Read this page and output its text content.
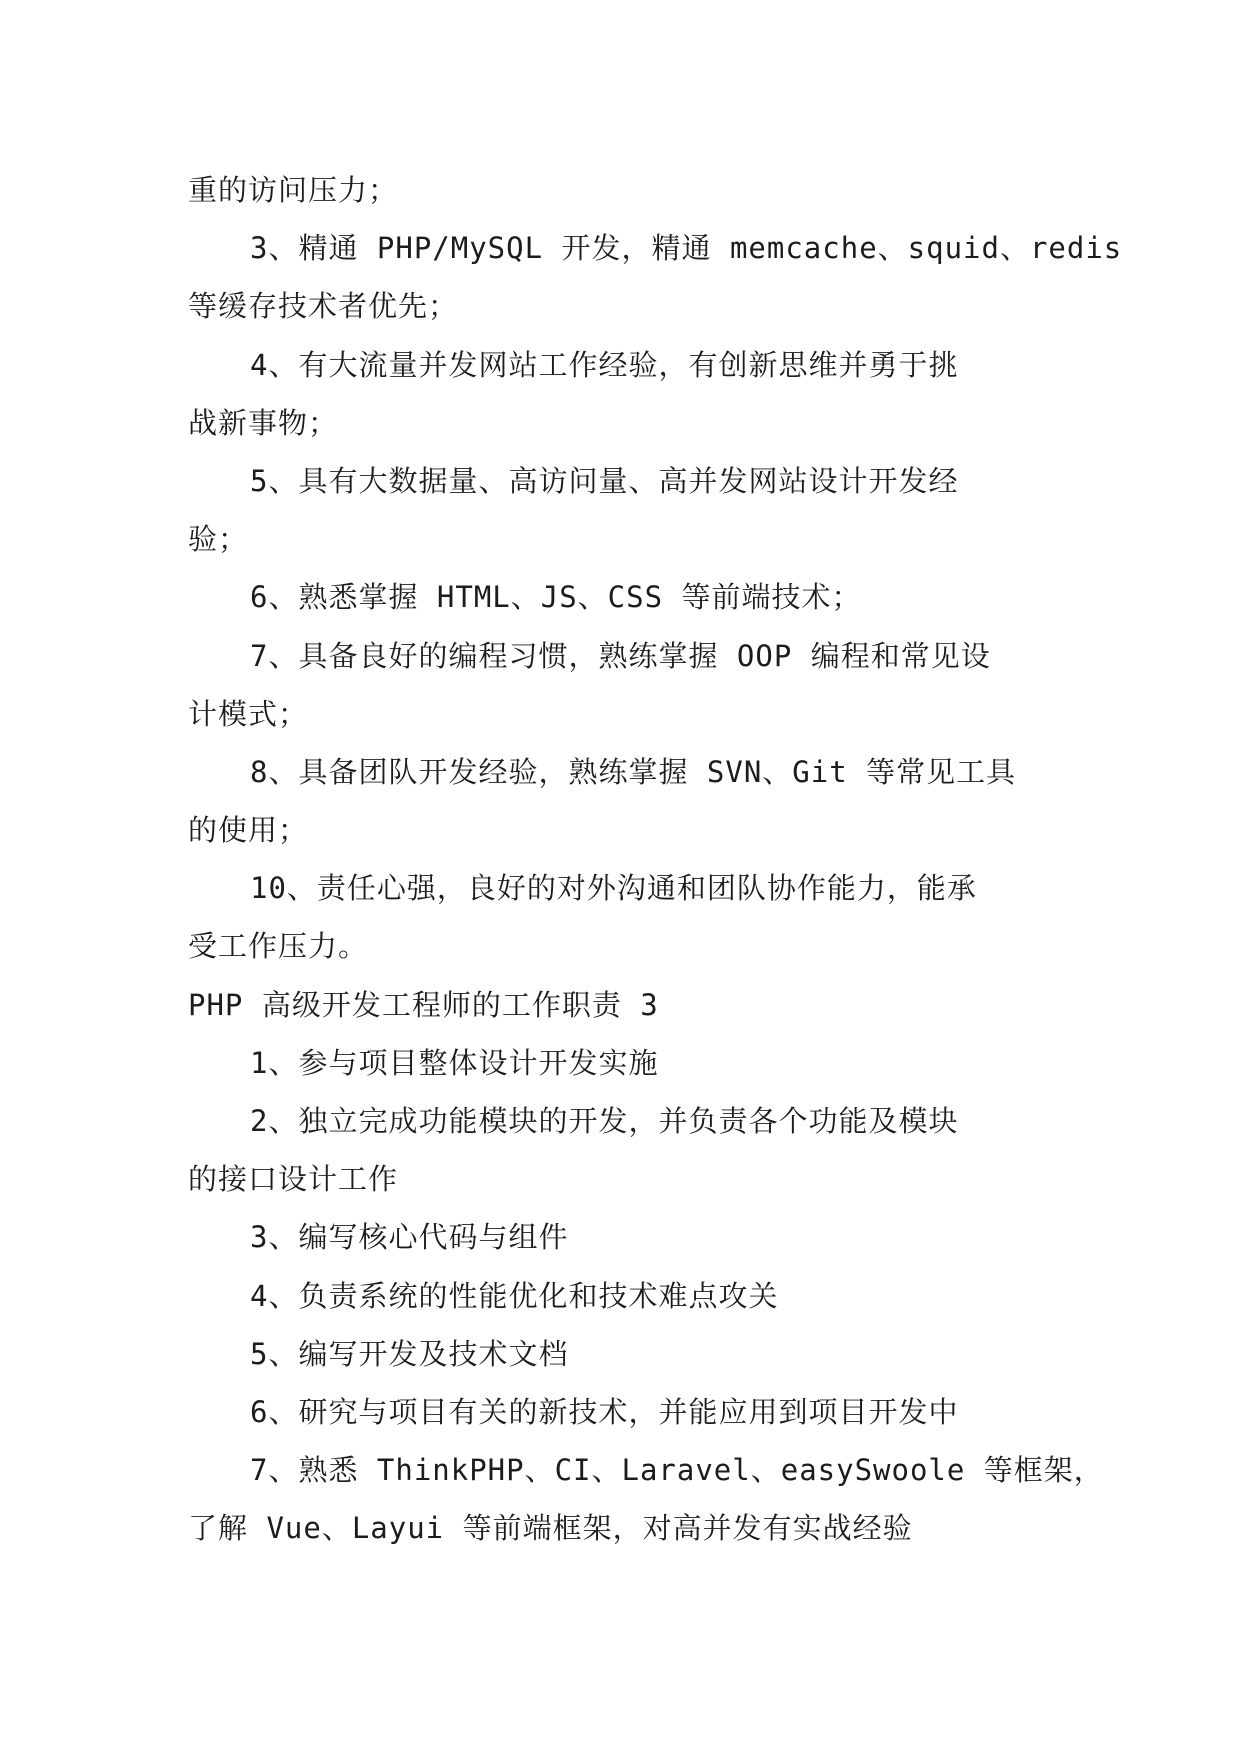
重的访问压力；
3、精通 PHP/MySQL 开发，精通 memcache、squid、redis
等缓存技术者优先；
4、有大流量并发网站工作经验，有创新思维并勇于挑
战新事物；
5、具有大数据量、高访问量、高并发网站设计开发经
验；
6、熟悉掌握 HTML、JS、CSS 等前端技术；
7、具备良好的编程习惯，熟练掌握 OOP 编程和常见设
计模式；
8、具备团队开发经验，熟练掌握 SVN、Git 等常见工具
的使用；
10、责任心强，良好的对外沟通和团队协作能力，能承
受工作压力。
PHP 高级开发工程师的工作职责 3
1、参与项目整体设计开发实施
2、独立完成功能模块的开发，并负责各个功能及模块
的接口设计工作
3、编写核心代码与组件
4、负责系统的性能优化和技术难点攻关
5、编写开发及技术文档
6、研究与项目有关的新技术，并能应用到项目开发中
7、熟悉 ThinkPHP、CI、Laravel、easySwoole 等框架，
了解 Vue、Layui 等前端框架，对高并发有实战经验
